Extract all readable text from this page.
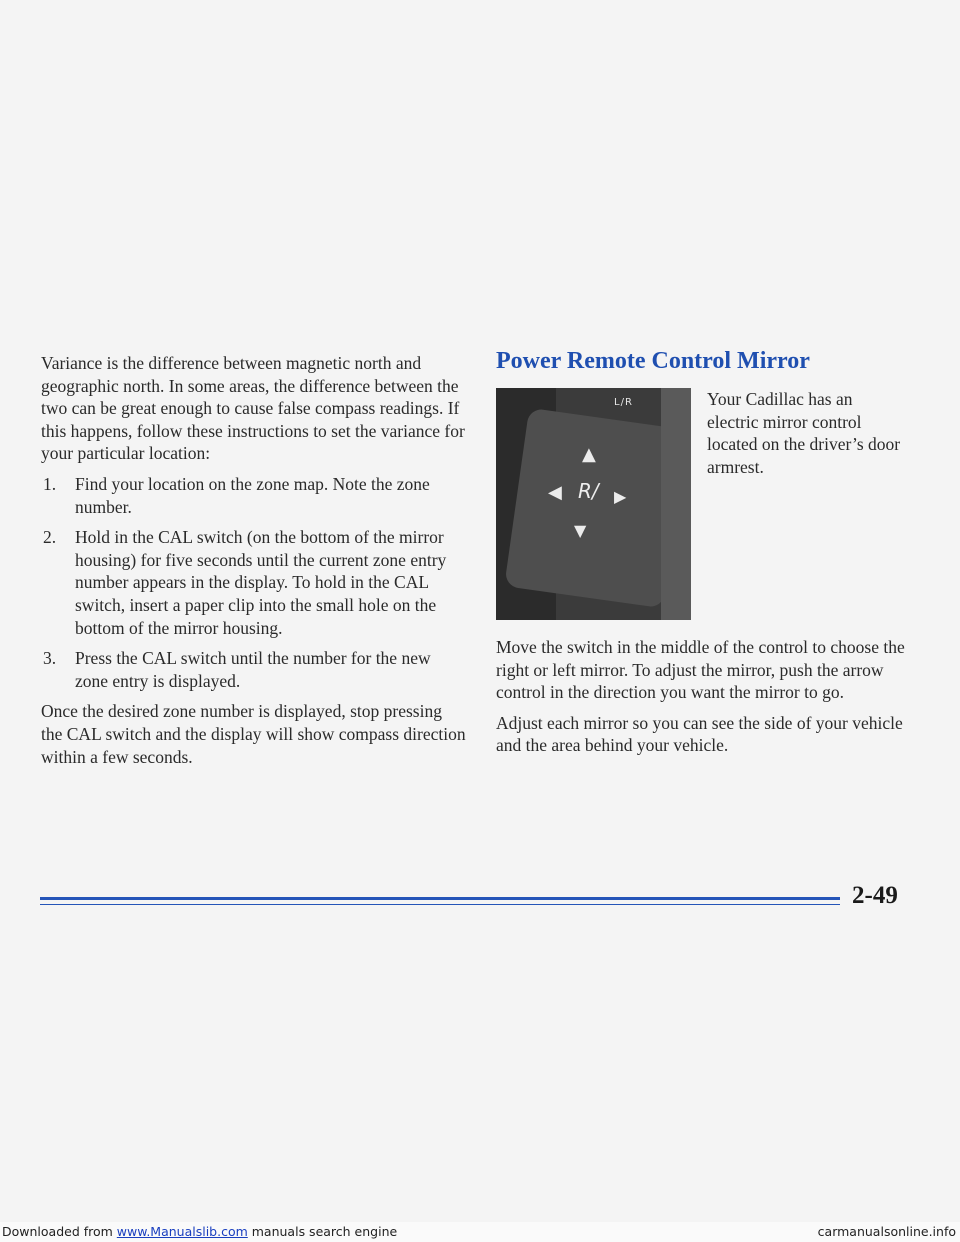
Variance is the difference between magnetic north and geographic north. In some areas, the difference between the two can be great enough to cause false compass readings. If this happens, follow these instructions to set the variance for your particular location:

1. Find your location on the zone map. Note the zone number.
2. Hold in the CAL switch (on the bottom of the mirror housing) for five seconds until the current zone entry number appears in the display. To hold in the CAL switch, insert a paper clip into the small hole on the bottom of the mirror housing.
3. Press the CAL switch until the number for the new zone entry is displayed.

Once the desired zone number is displayed, stop pressing the CAL switch and the display will show compass direction within a few seconds.

Power Remote Control Mirror
L/R
▲
◀ R/ ▶
▼
Your Cadillac has an electric mirror control located on the driver’s door armrest.

Move the switch in the middle of the control to choose the right or left mirror. To adjust the mirror, push the arrow control in the direction you want the mirror to go.

Adjust each mirror so you can see the side of your vehicle and the area behind your vehicle.

2-49
Downloaded from www.Manualslib.com manuals search engine	carmanualsonline.info
